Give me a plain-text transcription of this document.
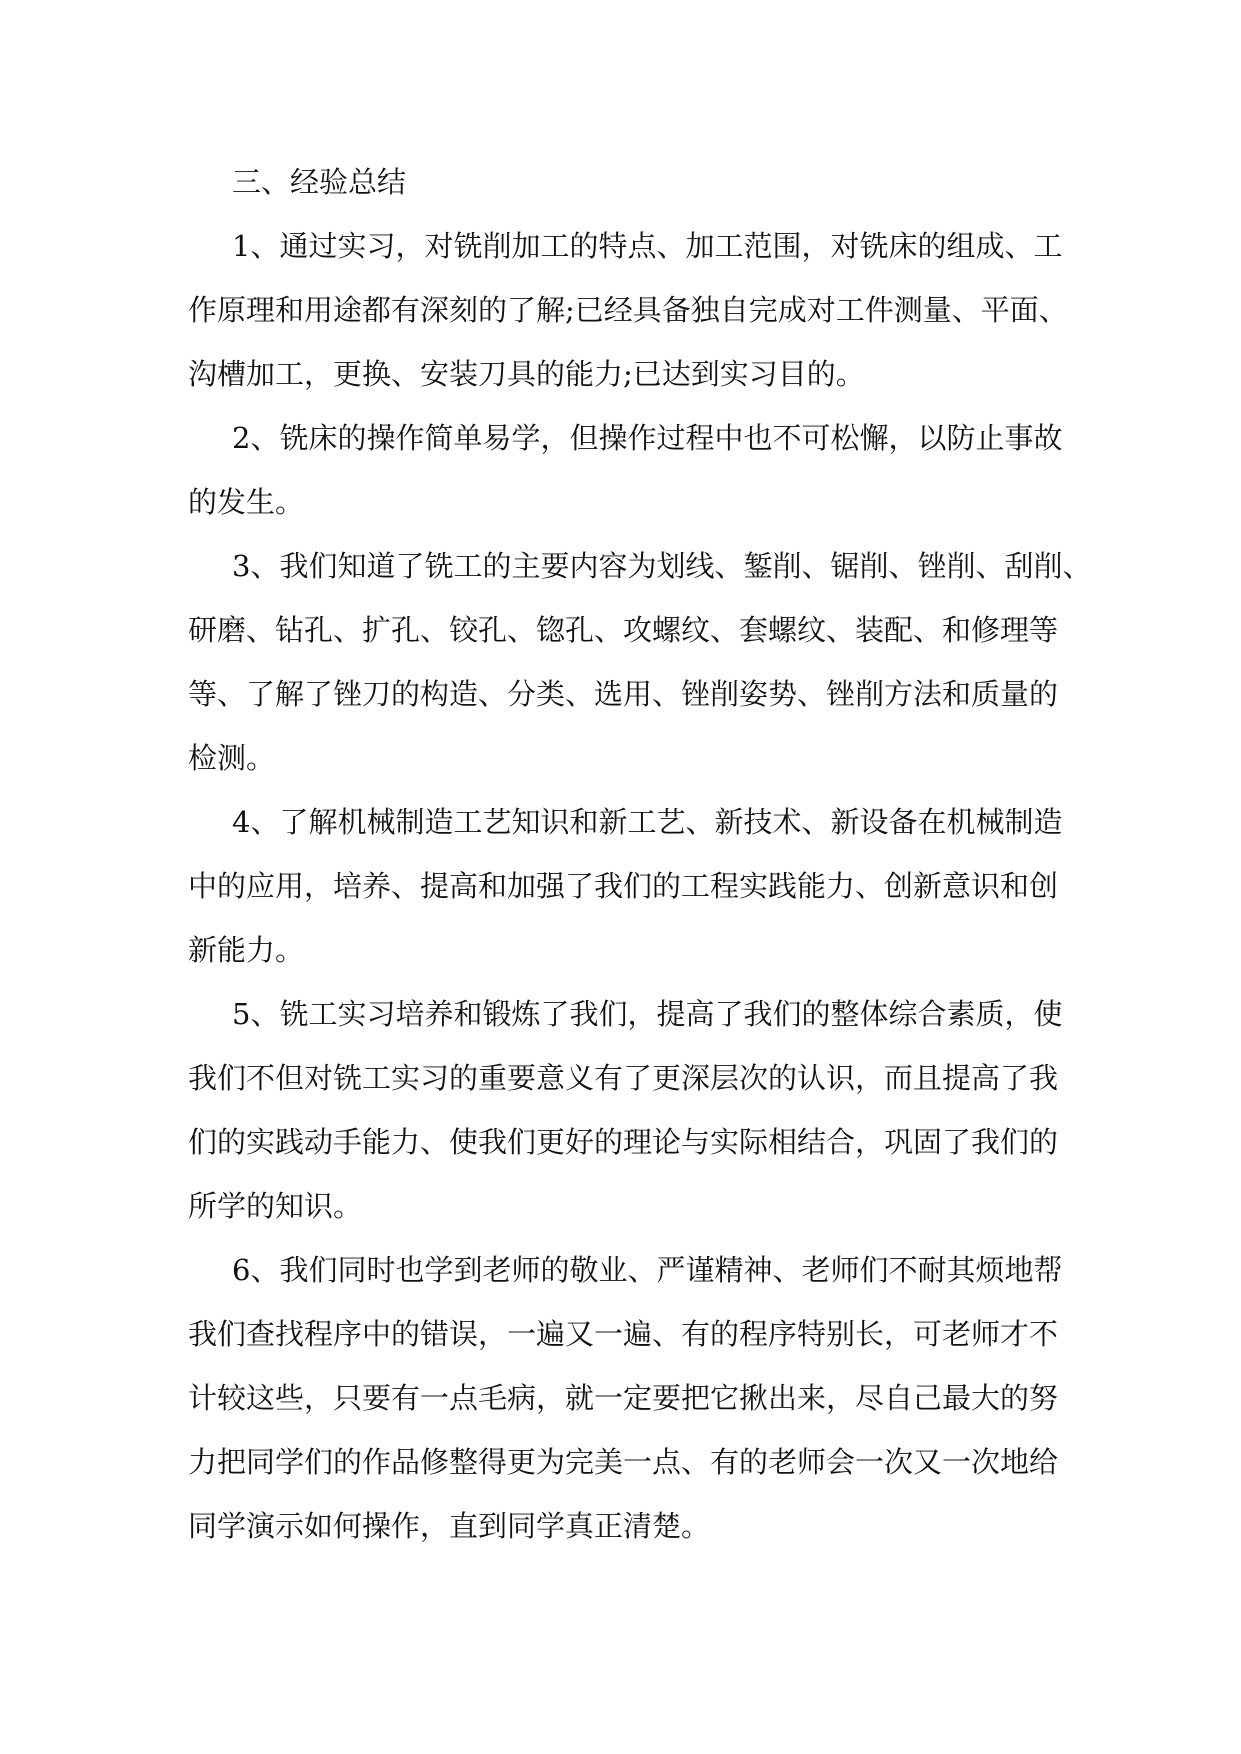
三、经验总结
1、通过实习，对铣削加工的特点、加工范围，对铣床的组成、工
作原理和用途都有深刻的了解;已经具备独自完成对工件测量、平面、
沟槽加工，更换、安装刀具的能力;已达到实习目的。
2、铣床的操作简单易学，但操作过程中也不可松懈，以防止事故
的发生。
3、我们知道了铣工的主要内容为划线、錾削、锯削、锉削、刮削、
研磨、钻孔、扩孔、铰孔、锪孔、攻螺纹、套螺纹、装配、和修理等
等、了解了锉刀的构造、分类、选用、锉削姿势、锉削方法和质量的
检测。
4、了解机械制造工艺知识和新工艺、新技术、新设备在机械制造
中的应用，培养、提高和加强了我们的工程实践能力、创新意识和创
新能力。
5、铣工实习培养和锻炼了我们，提高了我们的整体综合素质，使
我们不但对铣工实习的重要意义有了更深层次的认识，而且提高了我
们的实践动手能力、使我们更好的理论与实际相结合，巩固了我们的
所学的知识。
6、我们同时也学到老师的敬业、严谨精神、老师们不耐其烦地帮
我们查找程序中的错误，一遍又一遍、有的程序特别长，可老师才不
计较这些，只要有一点毛病，就一定要把它揪出来，尽自己最大的努
力把同学们的作品修整得更为完美一点、有的老师会一次又一次地给
同学演示如何操作，直到同学真正清楚。
